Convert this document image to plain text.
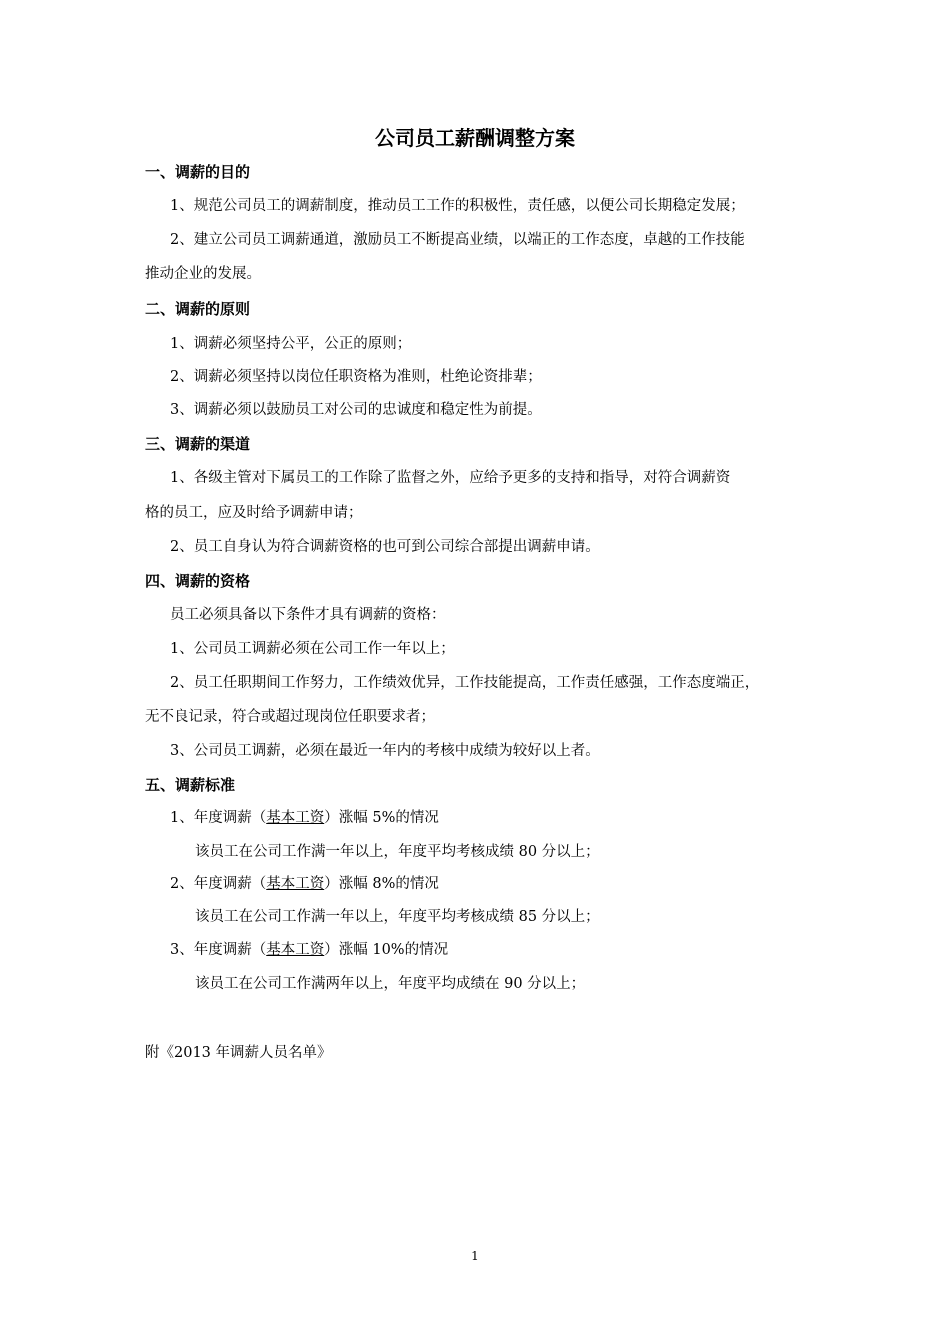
公司员工薪酬调整方案
一、调薪的目的
1、规范公司员工的调薪制度，推动员工工作的积极性，责任感，以便公司长期稳定发展；
2、建立公司员工调薪通道，激励员工不断提高业绩，以端正的工作态度，卓越的工作技能
推动企业的发展。
二、调薪的原则
1、调薪必须坚持公平，公正的原则；
2、调薪必须坚持以岗位任职资格为准则，杜绝论资排辈；
3、调薪必须以鼓励员工对公司的忠诚度和稳定性为前提。
三、调薪的渠道
1、各级主管对下属员工的工作除了监督之外，应给予更多的支持和指导，对符合调薪资
格的员工，应及时给予调薪申请；
2、员工自身认为符合调薪资格的也可到公司综合部提出调薪申请。
四、调薪的资格
员工必须具备以下条件才具有调薪的资格：
1、公司员工调薪必须在公司工作一年以上；
2、员工任职期间工作努力，工作绩效优异，工作技能提高，工作责任感强，工作态度端正，
无不良记录，符合或超过现岗位任职要求者；
3、公司员工调薪，必须在最近一年内的考核中成绩为较好以上者。
五、调薪标准
1、年度调薪（基本工资）涨幅 5%的情况
该员工在公司工作满一年以上，年度平均考核成绩 80 分以上；
2、年度调薪（基本工资）涨幅 8%的情况
该员工在公司工作满一年以上，年度平均考核成绩 85 分以上；
3、年度调薪（基本工资）涨幅 10%的情况
该员工在公司工作满两年以上，年度平均成绩在 90 分以上；
附《2013 年调薪人员名单》
1
